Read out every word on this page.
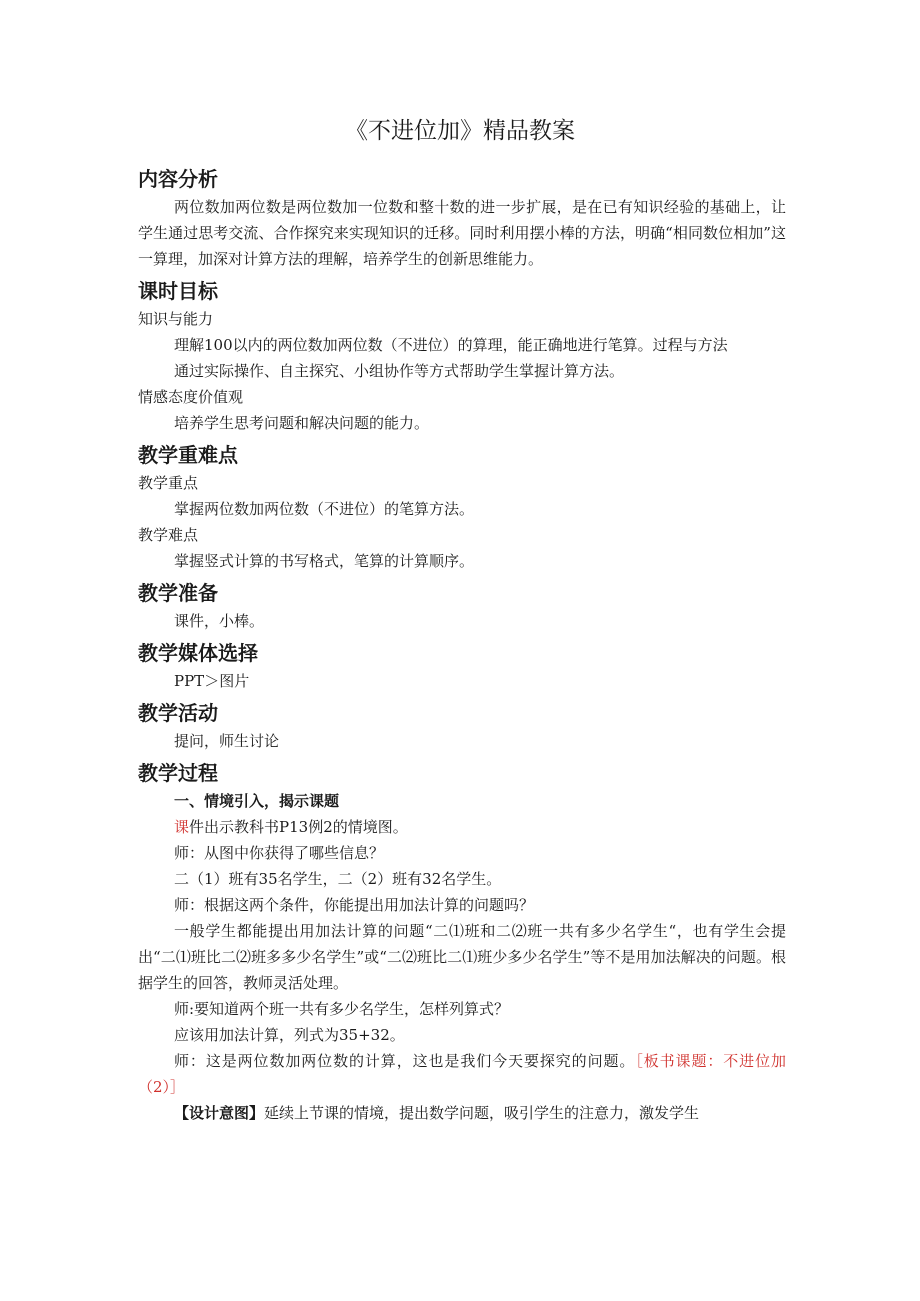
《不进位加》精品教案
内容分析

两位数加两位数是两位数加一位数和整十数的进一步扩展，是在已有知识经验的基础上，让学生通过思考交流、合作探究来实现知识的迁移。同时利用摆小棒的方法，明确“相同数位相加”这一算理，加深对计算方法的理解，培养学生的创新思维能力。

课时目标

知识与能力

理解100以内的两位数加两位数（不进位）的算理，能正确地进行笔算。过程与方法

通过实际操作、自主探究、小组协作等方式帮助学生掌握计算方法。

情感态度价值观

培养学生思考问题和解决问题的能力。

教学重难点

教学重点

掌握两位数加两位数（不进位）的笔算方法。

教学难点

掌握竖式计算的书写格式，笔算的计算顺序。

教学准备

课件，小棒。

教学媒体选择

PPT＞图片

教学活动

提问，师生讨论

教学过程

一、情境引入，揭示课题

课件出示教科书P13例2的情境图。

师：从图中你获得了哪些信息？

二（1）班有35名学生，二（2）班有32名学生。

师：根据这两个条件，你能提出用加法计算的问题吗？

一般学生都能提出用加法计算的问题“二⑴班和二⑵班一共有多少名学生“，也有学生会提出“二⑴班比二⑵班多多少名学生”或“二⑵班比二⑴班少多少名学生”等不是用加法解决的问题。根据学生的回答，教师灵活处理。

师:要知道两个班一共有多少名学生，怎样列算式？

应该用加法计算，列式为35+32。

师：这是两位数加两位数的计算，这也是我们今天要探究的问题。［板书课题：不进位加（2）］

【设计意图】延续上节课的情境，提出数学问题，吸引学生的注意力，激发学生
